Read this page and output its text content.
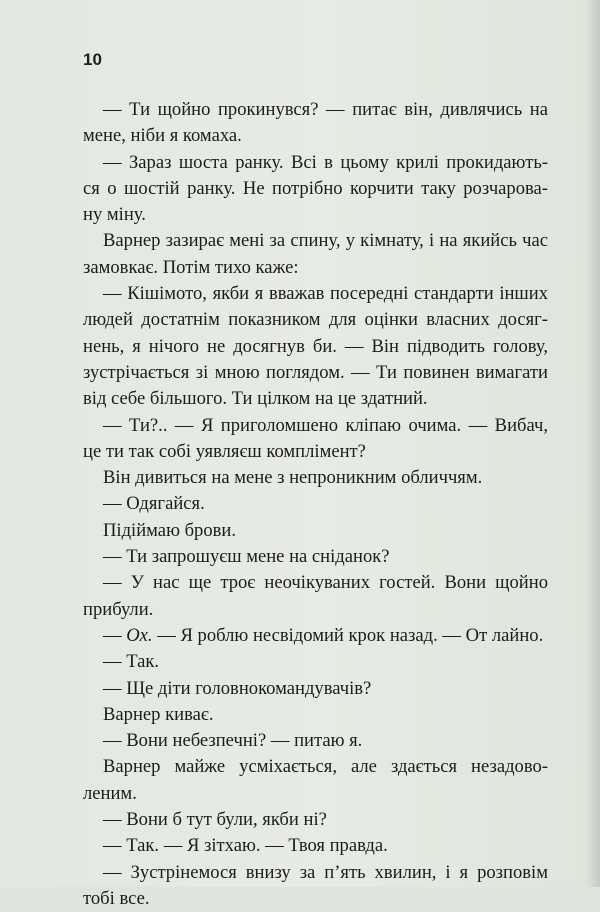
10
— Ти щойно прокинувся? — питає він, дивлячись на
мене, ніби я комаха.
— Зараз шоста ранку. Всі в цьому крилі прокидають-
ся о шостій ранку. Не потрібно корчити таку розчарова-
ну міну.
Варнер зазирає мені за спину, у кімнату, і на якийсь час
замовкає. Потім тихо каже:
— Кішімото, якби я вважав посередні стандарти інших
людей достатнім показником для оцінки власних досяг-
нень, я нічого не досягнув би. — Він підводить голову,
зустрічається зі мною поглядом. — Ти повинен вимагати
від себе більшого. Ти цілком на це здатний.
— Ти?.. — Я приголомшено кліпаю очима. — Вибач,
це ти так собі уявляєш комплімент?
Він дивиться на мене з непроникним обличчям.
— Одягайся.
Підіймаю брови.
— Ти запрошуєш мене на сніданок?
— У нас ще троє неочікуваних гостей. Вони щойно
прибули.
— Ох. — Я роблю несвідомий крок назад. — От лайно.
— Так.
— Ще діти головнокомандувачів?
Варнер киває.
— Вони небезпечні? — питаю я.
Варнер майже усміхається, але здається незадово-
леним.
— Вони б тут були, якби ні?
— Так. — Я зітхаю. — Твоя правда.
— Зустрінемося внизу за п’ять хвилин, і я розповім
тобі все.
